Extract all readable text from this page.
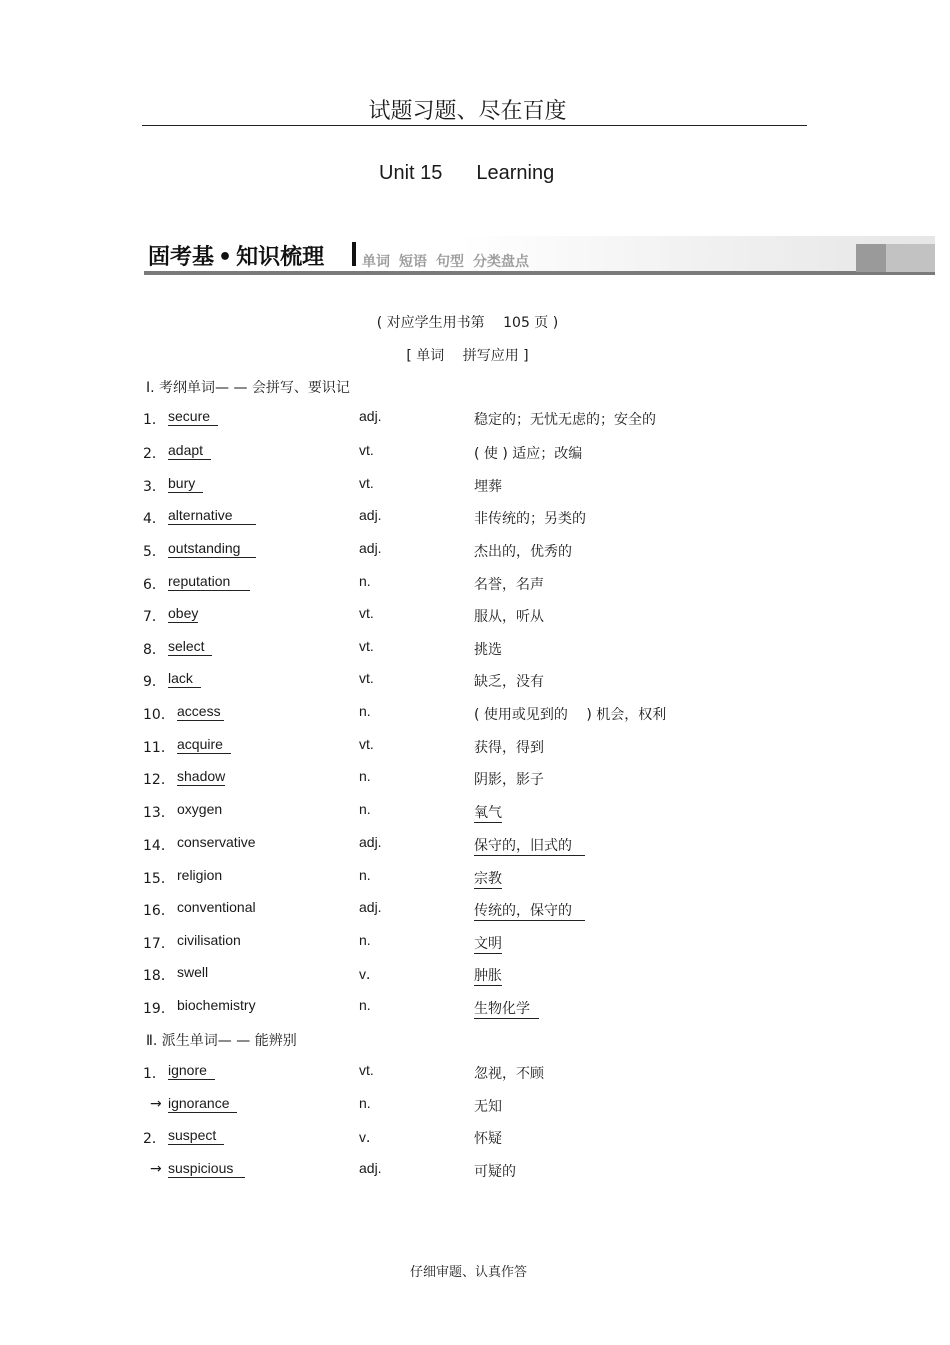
试题习题、尽在百度
Unit 15 Learning
固考基 • 知识梳理	单词 短语 句型 分类盘点
( 对应学生用书第　 105 页 )
[ 单词　 拼写应用 ]
Ⅰ. 考纲单词— — 会拼写、要识记
1． secure	adj.	稳定的；无忧无虑的；安全的
2． adapt	vt.	( 使 ) 适应；改编
3． bury	vt.	埋葬
4． alternative	adj.	非传统的；另类的
5． outstanding	adj.	杰出的，优秀的
6． reputation	n.	名誉，名声
7． obey	vt.	服从，听从
8． select	vt.	挑选
9． lack	vt.	缺乏，没有
10． access	n.	( 使用或见到的　 ) 机会，权利
11． acquire	vt.	获得，得到
12． shadow	n.	阴影，影子
13． oxygen	n.	氧气
14． conservative	adj.	保守的，旧式的
15． religion	n.	宗教
16． conventional	adj.	传统的，保守的
17． civilisation	n.	文明
18． swell	v．	肿胀
19． biochemistry	n.	生物化学
Ⅱ. 派生单词— — 能辨别
1． ignore	vt.	忽视，不顾
→ ignorance	n.	无知
2． suspect	v．	怀疑
→ suspicious	adj.	可疑的
仔细审题、认真作答
